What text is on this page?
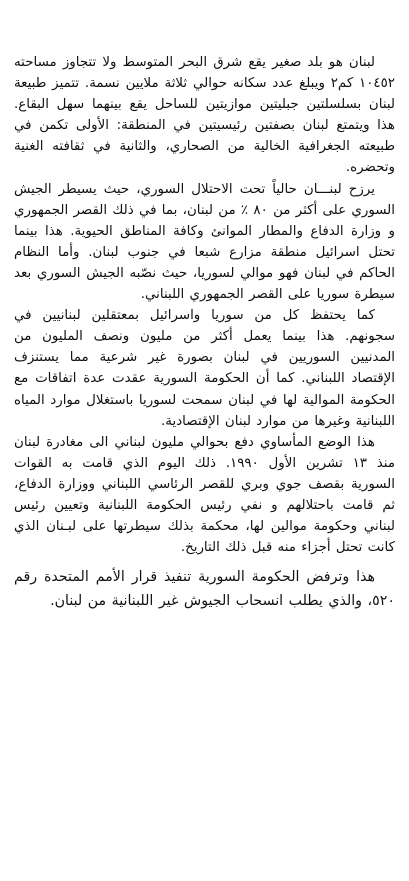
لبنان هو بلد صغير يقع شرق البحر المتوسط ولا تتجاوز مساحته ١٠٤٥٢ كم٢ ويبلغ عدد سكانه حوالي ثلاثة ملايين نسمة. تتميز طبيعة لبنان بسلسلتين جبليتين موازيتين للساحل يقع بينهما سهل البقاع. هذا ويتمتع لبنان بصفتين رئيسيتين في المنطقة: الأولى تكمن في طبيعته الجغرافية الخالية من الصحاري، والثانية في ثقافته الغنية وتحضره.

يرزح لبنـــان حالياً تحت الاحتلال السوري، حيث يسيطر الجيش السوري على أكثر من ٨٠ ٪ من لبنان، بما في ذلك القصر الجمهوري و وزارة الدفاع والمطار الموانئ وكافة المناطق الحيوية. هذا بينما تحتل اسرائيل منطقة مزارع شبعا في جنوب لبنان. وأما النظام الحاكم في لبنان فهو موالي لسوريا، حيث نصّبه الجيش السوري بعد سيطرة سوريا على القصر الجمهوري اللبناني.

كما يحتفظ كل من سوريا واسرائيل بمعتقلين لبنانيين في سجونهم. هذا بينما يعمل أكثر من مليون ونصف المليون من المدنيين السوريين في لبنان بصورة غير شرعية مما يستنزف الإقتصاد اللبناني. كما أن الحكومة السورية عقدت عدة اتفاقات مع الحكومة الموالية لها في لبنان سمحت لسوريا باستغلال موارد المياه اللبنانية وغيرها من موارد لبنان الإقتصادية.

هذا الوضع المأساوي دفع بحوالي مليون لبناني الى مغادرة لبنان منذ ١٣ تشرين الأول ١٩٩٠. ذلك اليوم الذي قامت به القوات السورية بقصف جوي وبري للقصر الرئاسي اللبناني ووزارة الدفاع، ثم قامت باحتلالهم و نفي رئيس الحكومة اللبنانية وتعيين رئيس لبناني وحكومة موالين لها، محكمة بذلك سيطرتها على لبـنان الذي كانت تحتل أجزاء منه قبل ذلك التاريخ.

هذا وترفض الحكومة السورية تنفيذ قرار الأمم المتحدة رقم ٥٢٠، والذي يطلب انسحاب الجيوش غير اللبنانية من لبنان.
